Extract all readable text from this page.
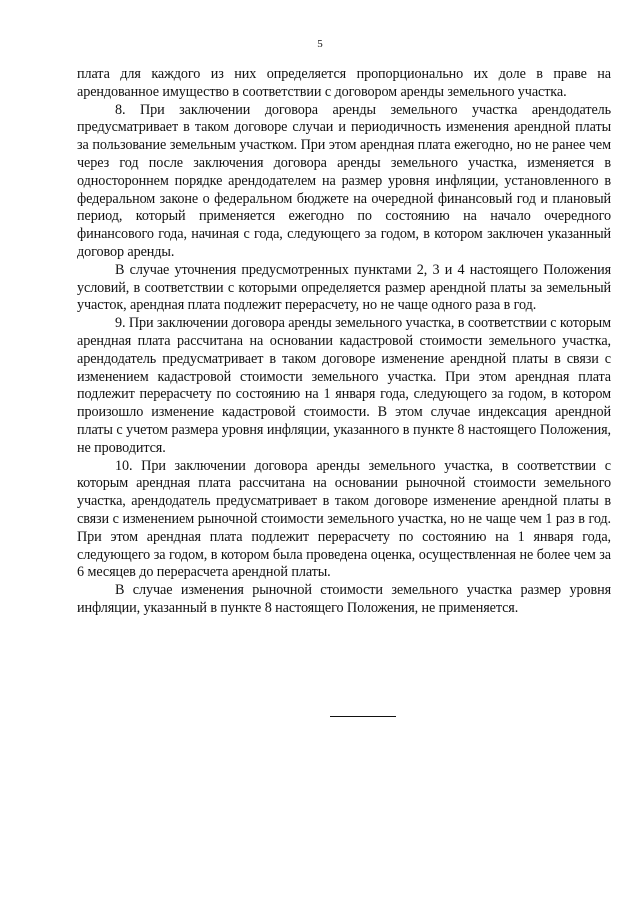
5

плата для каждого из них определяется пропорционально их доле в праве на арендованное имущество в соответствии с договором аренды земельного участка.

8. При заключении договора аренды земельного участка арендодатель предусматривает в таком договоре случаи и периодичность изменения арендной платы за пользование земельным участком. При этом арендная плата ежегодно, но не ранее чем через год после заключения договора аренды земельного участка, изменяется в одностороннем порядке арендодателем на размер уровня инфляции, установленного в федеральном законе о федеральном бюджете на очередной финансовый год и плановый период, который применяется ежегодно по состоянию на начало очередного финансового года, начиная с года, следующего за годом, в котором заключен указанный договор аренды.

В случае уточнения предусмотренных пунктами 2, 3 и 4 настоящего Положения условий, в соответствии с которыми определяется размер арендной платы за земельный участок, арендная плата подлежит перерасчету, но не чаще одного раза в год.

9. При заключении договора аренды земельного участка, в соответствии с которым арендная плата рассчитана на основании кадастровой стоимости земельного участка, арендодатель предусматривает в таком договоре изменение арендной платы в связи с изменением кадастровой стоимости земельного участка. При этом арендная плата подлежит перерасчету по состоянию на 1 января года, следующего за годом, в котором произошло изменение кадастровой стоимости. В этом случае индексация арендной платы с учетом размера уровня инфляции, указанного в пункте 8 настоящего Положения, не проводится.

10. При заключении договора аренды земельного участка, в соответствии с которым арендная плата рассчитана на основании рыночной стоимости земельного участка, арендодатель предусматривает в таком договоре изменение арендной платы в связи с изменением рыночной стоимости земельного участка, но не чаще чем 1 раз в год. При этом арендная плата подлежит перерасчету по состоянию на 1 января года, следующего за годом, в котором была проведена оценка, осуществленная не более чем за 6 месяцев до перерасчета арендной платы.

В случае изменения рыночной стоимости земельного участка размер уровня инфляции, указанный в пункте 8 настоящего Положения, не применяется.
